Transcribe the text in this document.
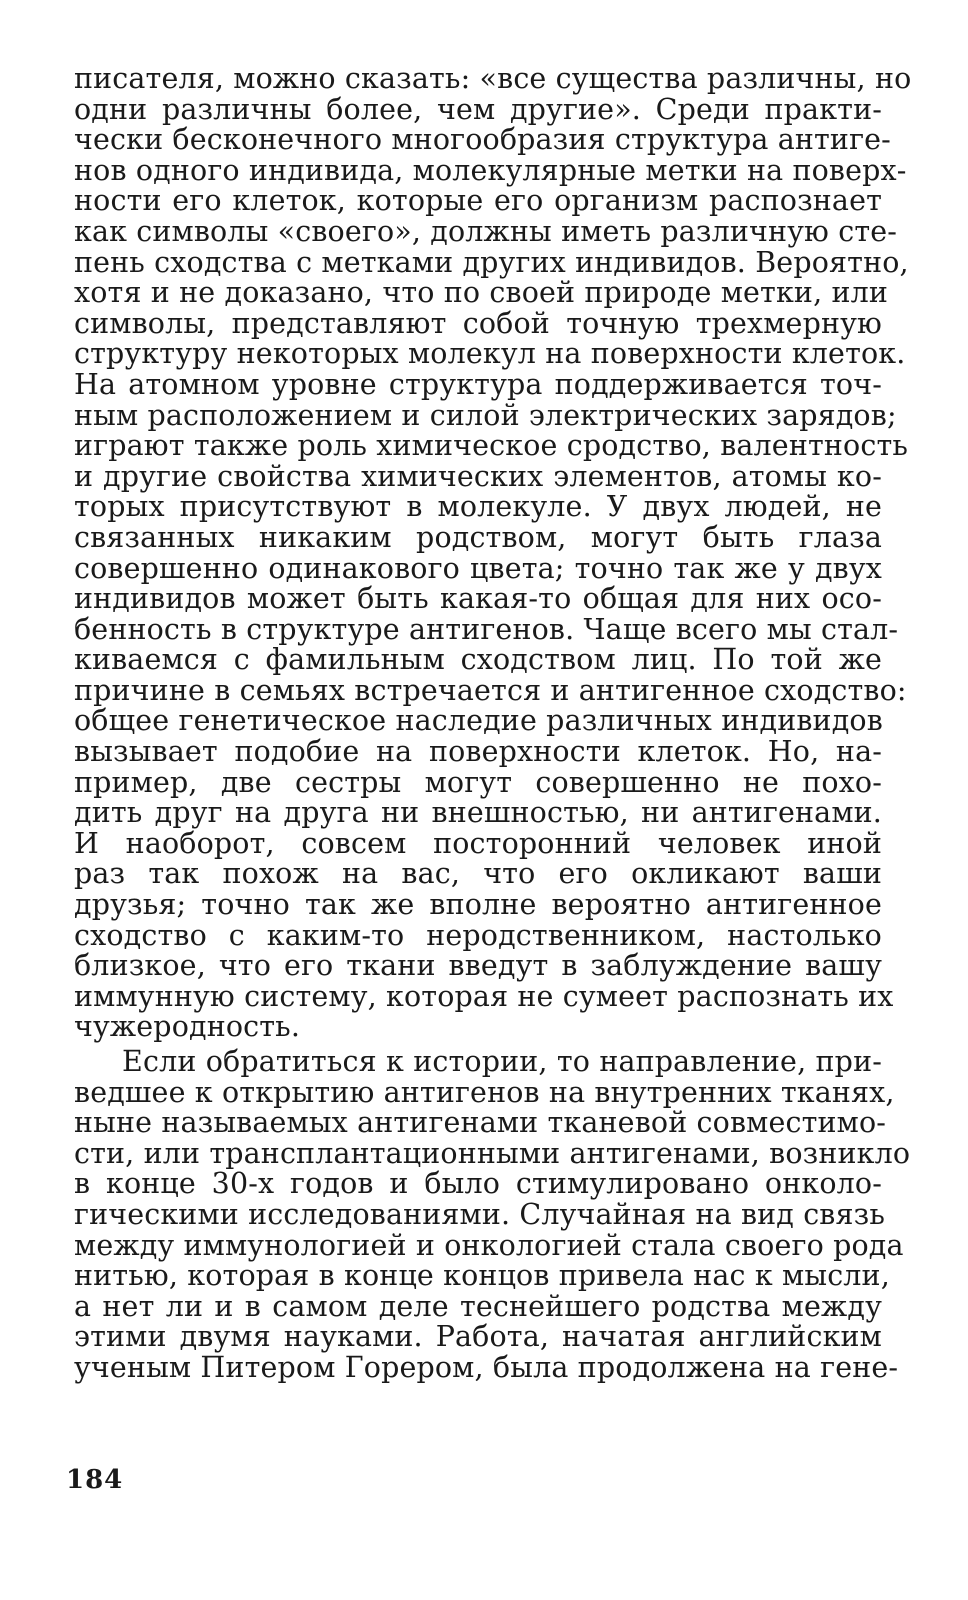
писателя, можно сказать: «все существа различны, но
одни различны более, чем другие». Среди практи-
чески бесконечного многообразия структура антиге-
нов одного индивида, молекулярные метки на поверх-
ности его клеток, которые его организм распознает
как символы «своего», должны иметь различную сте-
пень сходства с метками других индивидов. Вероятно,
хотя и не доказано, что по своей природе метки, или
символы, представляют собой точную трехмерную
структуру некоторых молекул на поверхности клеток.
На атомном уровне структура поддерживается точ-
ным расположением и силой электрических зарядов;
играют также роль химическое сродство, валентность
и другие свойства химических элементов, атомы ко-
торых присутствуют в молекуле. У двух людей, не
связанных никаким родством, могут быть глаза
совершенно одинакового цвета; точно так же у двух
индивидов может быть какая-то общая для них осо-
бенность в структуре антигенов. Чаще всего мы стал-
киваемся с фамильным сходством лиц. По той же
причине в семьях встречается и антигенное сходство:
общее генетическое наследие различных индивидов
вызывает подобие на поверхности клеток. Но, на-
пример, две сестры могут совершенно не похо-
дить друг на друга ни внешностью, ни антигенами.
И наоборот, совсем посторонний человек иной
раз так похож на вас, что его окликают ваши
друзья; точно так же вполне вероятно антигенное
сходство с каким-то неродственником, настолько
близкое, что его ткани введут в заблуждение вашу
иммунную систему, которая не сумеет распознать их
чужеродность.
Если обратиться к истории, то направление, при-
ведшее к открытию антигенов на внутренних тканях,
ныне называемых антигенами тканевой совместимо-
сти, или трансплантационными антигенами, возникло
в конце 30-х годов и было стимулировано онколо-
гическими исследованиями. Случайная на вид связь
между иммунологией и онкологией стала своего рода
нитью, которая в конце концов привела нас к мысли,
а нет ли и в самом деле теснейшего родства между
этими двумя науками. Работа, начатая английским
ученым Питером Горером, была продолжена на гене-
184
